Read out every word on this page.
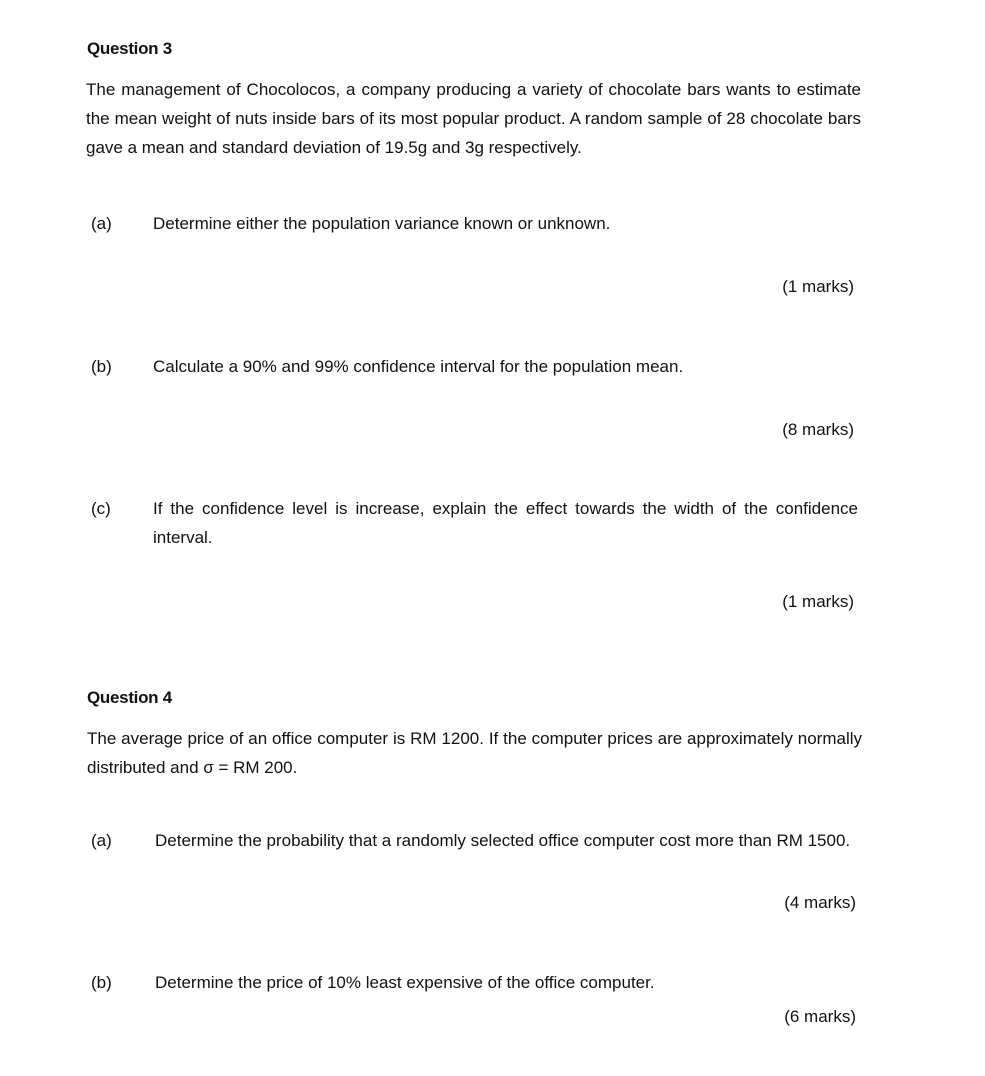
Question 3
The management of Chocolocos, a company producing a variety of chocolate bars wants to estimate the mean weight of nuts inside bars of its most popular product. A random sample of 28 chocolate bars gave a mean and standard deviation of 19.5g and 3g respectively.
(a)	Determine either the population variance known or unknown.
(1 marks)
(b)	Calculate a 90% and 99% confidence interval for the population mean.
(8 marks)
(c)	If the confidence level is increase, explain the effect towards the width of the confidence interval.
(1 marks)
Question 4
The average price of an office computer is RM 1200. If the computer prices are approximately normally distributed and σ = RM 200.
(a)	Determine the probability that a randomly selected office computer cost more than RM 1500.
(4 marks)
(b)	Determine the price of 10% least expensive of the office computer.
(6 marks)
